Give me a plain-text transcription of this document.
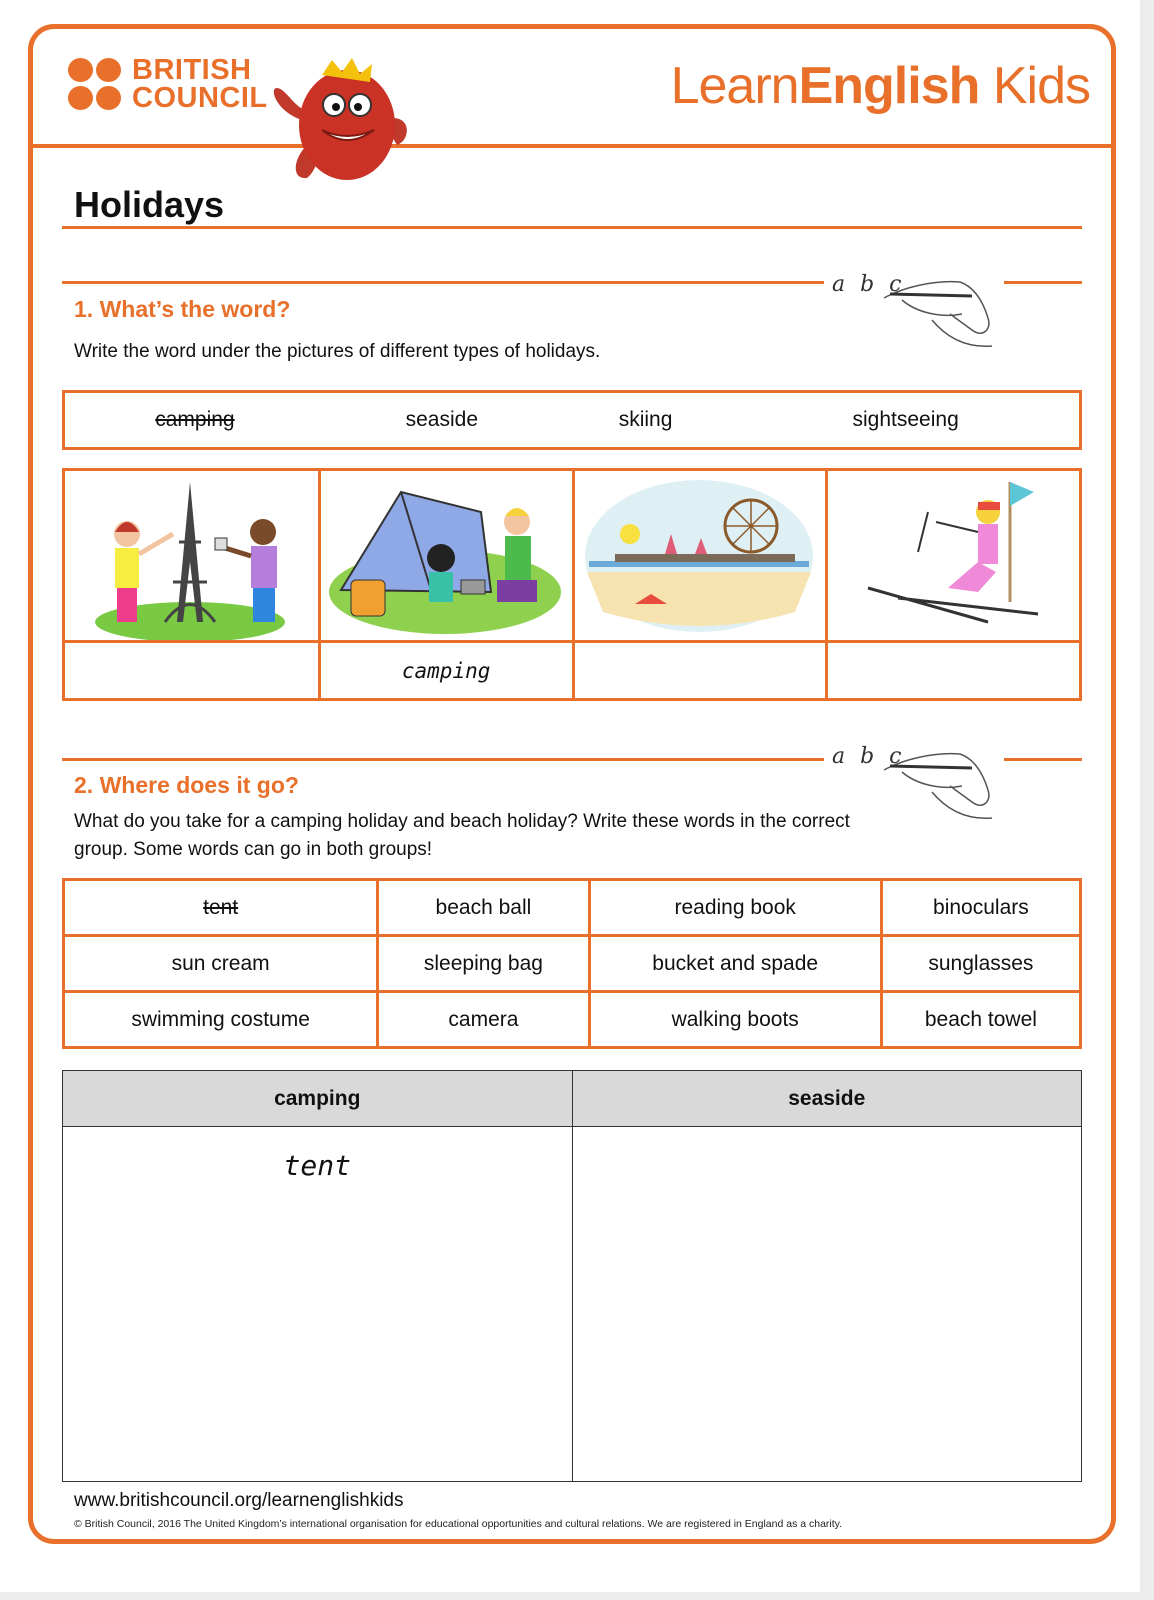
BRITISH
COUNCIL	LearnEnglish Kids
Holidays
a b c
1. What’s the word?
Write the word under the pictures of different types of holidays.
camping	seaside	skiing	sightseeing

	camping		
a b c
2. Where does it go?
What do you take for a camping holiday and beach holiday? Write these words in the correct group. Some words can go in both groups!
tent	beach ball	reading book	binoculars
sun cream	sleeping bag	bucket and spade	sunglasses
swimming costume	camera	walking boots	beach towel
camping	seaside
tent	
www.britishcouncil.org/learnenglishkids
© British Council, 2016 The United Kingdom’s international organisation for educational opportunities and cultural relations. We are registered in England as a charity.
